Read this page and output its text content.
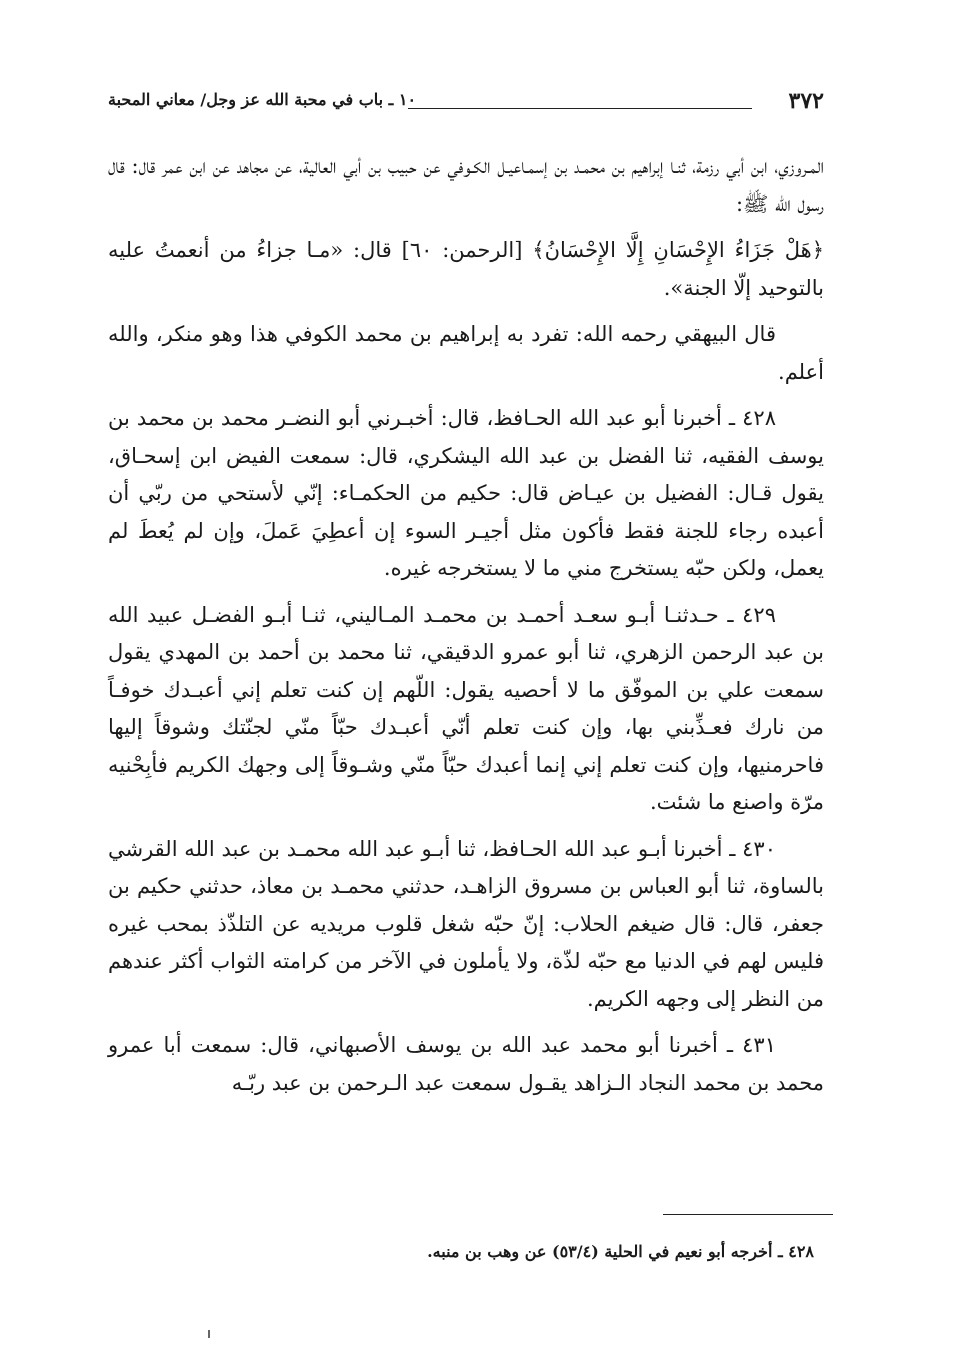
٣٧٢
١٠ ـ باب في محبة الله عز وجل/ معاني المحبة

المـروزي، ابن أبي رزمة، ثنـا إبراهيم بن محمـد بن إسمـاعيـل الكـوفي عن حبيب بن أبي العالية، عن مجاهد عن ابن عمر قال: قال رسول الله ﷺ:

﴿هَلْ جَزَاءُ الإِحْسَانِ إِلَّا الإِحْسَانُ﴾ [الرحمن: ٦٠] قال: «مـا جزاءُ من أنعمتُ عليه بالتوحيد إلّا الجنة».

قال البيهقي رحمه الله: تفرد به إبراهيم بن محمد الكوفي هذا وهو منكر، والله أعلم.

٤٢٨ ـ أخبرنا أبو عبد الله الحـافظ، قال: أخبـرني أبو النضـر محمد بن محمد بن يوسف الفقيه، ثنا الفضل بن عبد الله اليشكري، قال: سمعت الفيض ابن إسحـاق، يقول قـال: الفضيل بن عيـاض قال: حكيم من الحكمـاء: إنّي لأستحي من ربّي أن أعبده رجاء للجنة فقط فأكون مثل أجيـر السوء إن أعطِيَ عَملَ، وإن لم يُعطَ لم يعمل، ولكن حبّه يستخرج مني ما لا يستخرجه غيره.

٤٢٩ ـ حـدثنـا أبـو سعـد أحمـد بن محمـد المـاليني، ثنـا أبـو الفضـل عبيد الله بن عبد الرحمن الزهري، ثنا أبو عمرو الدقيقي، ثنا محمد بن أحمد بن المهدي يقول سمعت علي بن الموفّق ما لا أحصيه يقول: اللّهم إن كنت تعلم إني أعبـدك خوفـاً من نارك فعـذِّبني بها، وإن كنت تعلم أنّي أعبـدك حبّاً منّي لجنّتك وشوقاً إليها فاحرمنيها، وإن كنت تعلم إني إنما أعبدك حبّاً منّي وشـوقاً إلى وجهك الكريم فأبِحْنيه مرّة واصنع ما شئت.

٤٣٠ ـ أخبرنا أبـو عبد الله الحـافظ، ثنا أبـو عبد الله محمـد بن عبد الله القرشي بالساوة، ثنا أبو العباس بن مسروق الزاهـد، حدثني محمـد بن معاذ، حدثني حكيم بن جعفر، قال: قال ضيغم الحلاب: إنّ حبّه شغل قلوب مريديه عن التلذّذ بمحب غيره فليس لهم في الدنيا مع حبّه لذّة، ولا يأملون في الآخر من كرامته الثواب أكثر عندهم من النظر إلى وجهه الكريم.

٤٣١ ـ أخبرنا أبو محمد عبد الله بن يوسف الأصبهاني، قال: سمعت أبا عمرو محمد بن محمد النجاد الـزاهد يقـول سمعت عبد الـرحمن بن عبد ربّـه

٤٢٨ ـ أخرجه أبو نعيم في الحلية (٥٣/٤) عن وهب بن منبه.
